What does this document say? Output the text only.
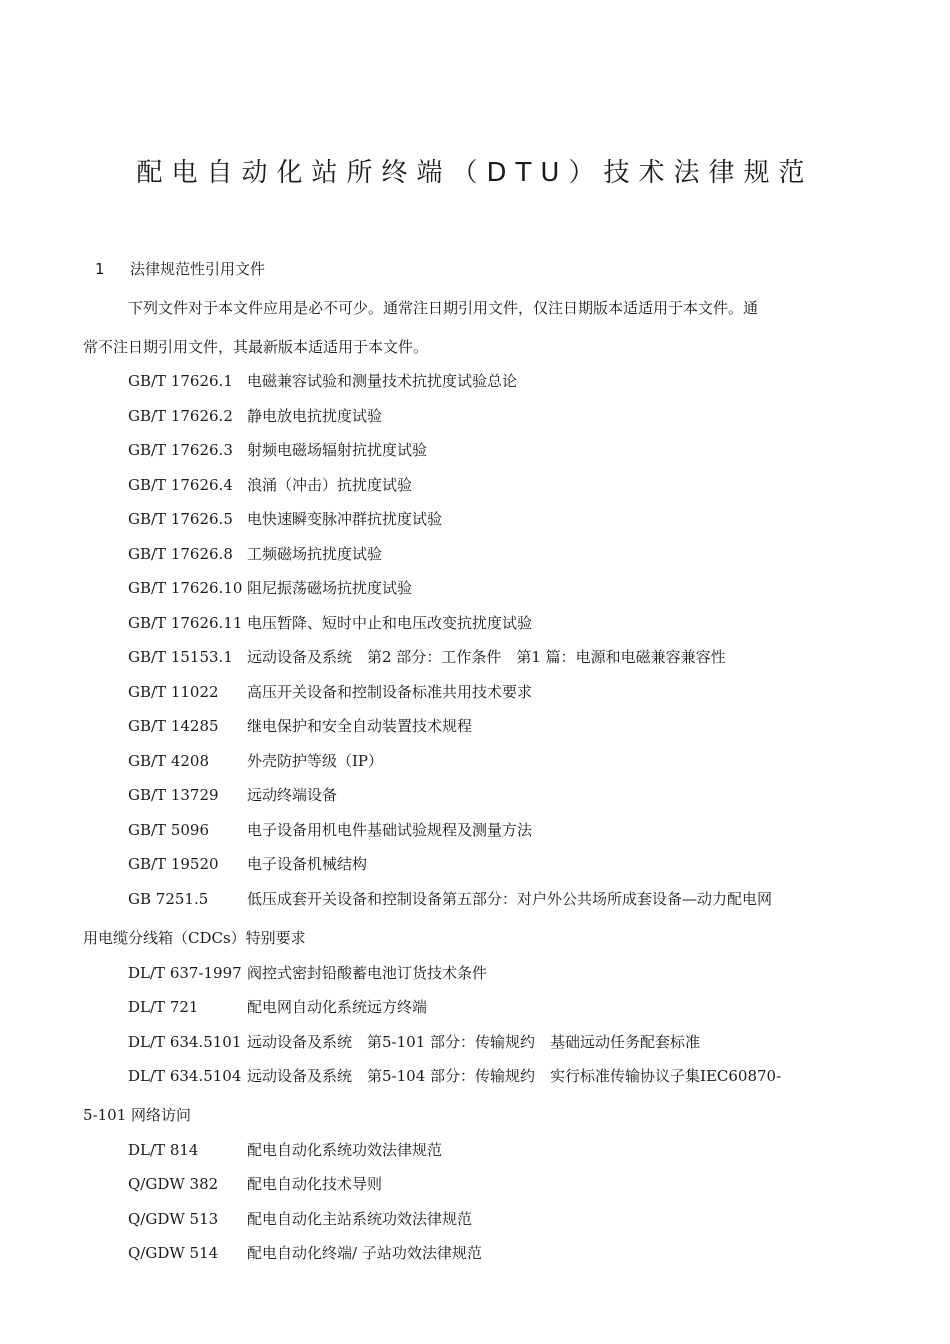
配电自动化站所终端（DTU）技术法律规范
1 法律规范性引用文件
下列文件对于本文件应用是必不可少。通常注日期引用文件，仅注日期版本适适用于本文件。通
常不注日期引用文件，其最新版本适适用于本文件。
GB/T 17626.1 电磁兼容试验和测量技术抗扰度试验总论
GB/T 17626.2 静电放电抗扰度试验
GB/T 17626.3 射频电磁场辐射抗扰度试验
GB/T 17626.4 浪涌（冲击）抗扰度试验
GB/T 17626.5 电快速瞬变脉冲群抗扰度试验
GB/T 17626.8 工频磁场抗扰度试验
GB/T 17626.10 阻尼振荡磁场抗扰度试验
GB/T 17626.11 电压暂降、短时中止和电压改变抗扰度试验
GB/T 15153.1 远动设备及系统　第2 部分：工作条件　第1 篇：电源和电磁兼容兼容性
GB/T 11022 高压开关设备和控制设备标准共用技术要求
GB/T 14285 继电保护和安全自动装置技术规程
GB/T 4208	外壳防护等级（IP）
GB/T 13729 远动终端设备
GB/T 5096	电子设备用机电件基础试验规程及测量方法
GB/T 19520 电子设备机械结构
GB 7251.5	低压成套开关设备和控制设备第五部分：对户外公共场所成套设备—动力配电网
用电缆分线箱（CDCs）特别要求
DL/T 637-1997 阀控式密封铅酸蓄电池订货技术条件
DL/T 721	配电网自动化系统远方终端
DL/T 634.5101 远动设备及系统　第5-101 部分：传输规约　基础远动任务配套标准
DL/T 634.5104 远动设备及系统　第5-104 部分：传输规约　实行标准传输协议子集IEC60870-
5-101 网络访问
DL/T 814	配电自动化系统功效法律规范
Q/GDW 382 配电自动化技术导则
Q/GDW 513 配电自动化主站系统功效法律规范
Q/GDW 514 配电自动化终端/ 子站功效法律规范
